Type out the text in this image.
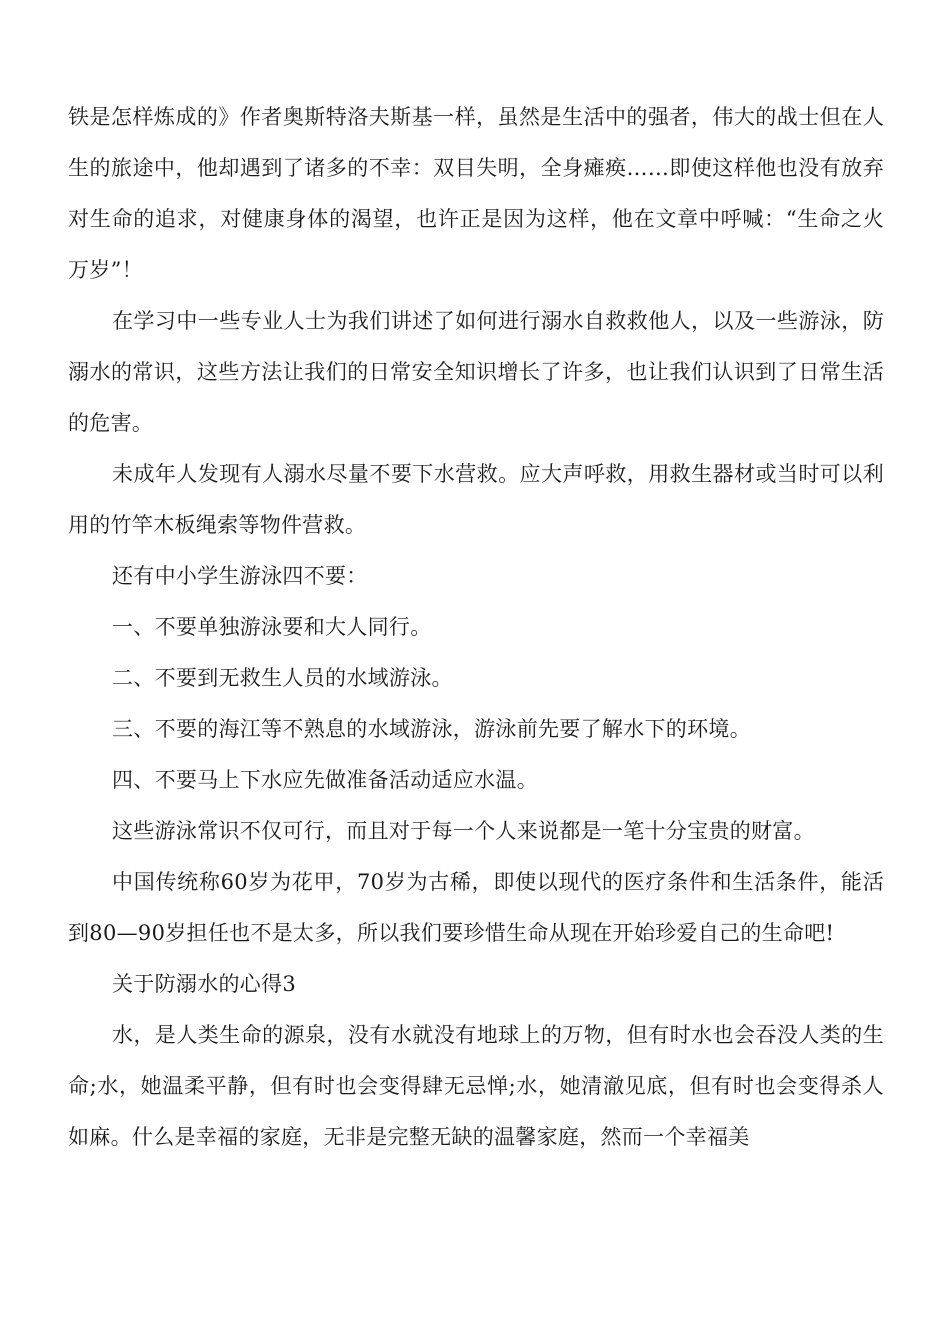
铁是怎样炼成的》作者奥斯特洛夫斯基一样，虽然是生活中的强者，伟大的战士但在人生的旅途中，他却遇到了诸多的不幸：双目失明，全身瘫痪……即使这样他也没有放弃对生命的追求，对健康身体的渴望，也许正是因为这样，他在文章中呼喊：“生命之火万岁”！

在学习中一些专业人士为我们讲述了如何进行溺水自救救他人，以及一些游泳，防溺水的常识，这些方法让我们的日常安全知识增长了许多，也让我们认识到了日常生活的危害。

未成年人发现有人溺水尽量不要下水营救。应大声呼救，用救生器材或当时可以利用的竹竿木板绳索等物件营救。

还有中小学生游泳四不要：

一、不要单独游泳要和大人同行。

二、不要到无救生人员的水域游泳。

三、不要的海江等不熟息的水域游泳，游泳前先要了解水下的环境。

四、不要马上下水应先做准备活动适应水温。

这些游泳常识不仅可行，而且对于每一个人来说都是一笔十分宝贵的财富。

中国传统称60岁为花甲，70岁为古稀，即使以现代的医疗条件和生活条件，能活到80—90岁担任也不是太多，所以我们要珍惜生命从现在开始珍爱自己的生命吧!

关于防溺水的心得3

水，是人类生命的源泉，没有水就没有地球上的万物，但有时水也会吞没人类的生命;水，她温柔平静，但有时也会变得肆无忌惮;水，她清澈见底，但有时也会变得杀人如麻。什么是幸福的家庭，无非是完整无缺的温馨家庭，然而一个幸福美
